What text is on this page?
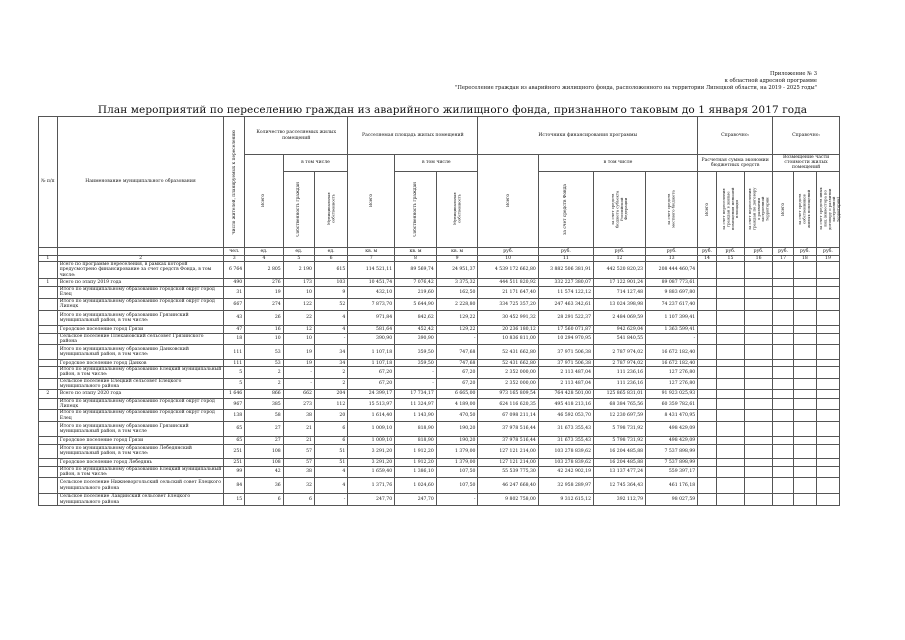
Приложение № 3
к областной адресной программе
"Переселение граждан из аварийного жилищного фонда, расположенного на территории Липецкой области, на 2019 - 2025 годы"
План мероприятий по переселению граждан из аварийного жилищного фонда, признанного таковым до 1 января 2017 года
№ п/п	Наименование муниципального образования	Число жителей, планируемых к переселению	Количество расселяемых жилых помещений			Расселяемая площадь жилых помещений			Источники финансирования программы				Справочно:			Справочно:		

			Всего	в том числе		Всего	в том числе		Всего	в том числе			Расчетная сумма экономии бюджетных средств			Возмещение части стоимости жилых помещений		

				Собственность граждан	Муниципальная собственность		Собственность граждан	Муниципальная собственность		за счет средств Фонда	за счет средств бюджета субъекта Российской Федерации	за счет средств местного бюджета	Всего	за счет переселения граждан в жилые помещения меньшей площади	за счет переселения граждан по договору о развитии застроенной территории	Всего	за счет средств собственников жилых помещений	за счет средств иных лиц (инвестора по договору о развитии застроенной территории)

		чел.	ед.	ед.	ед.	кв. м	кв. м	кв. м	руб.	руб.	руб.	руб.	руб.	руб.	руб.	руб.	руб.	руб.
1	2	3	4	5	6	7	8	9	10	11	12	13	14	15	16	17	18	19
	Всего по программе переселения, в рамках которой предусмотрено финансирование за счет средств Фонда, в том числе:	6 764	2 805	2 190	615	114 521,11	89 569,74	24 951,37	4 539 172 662,80	3 882 506 381,91	442 520 820,23	208 444 460,74						
1	Всего по этапу 2019 года	490	276	173	103	10 451,74	7 076,42	3 375,32	444 511 820,92	332 227 380,07	17 122 901,24	89 087 773,61						
	Итого по муниципальному образованию городской округ город Елец	31	19	10	9	432,10	219,60	162,50	21 171 647,40	11 574 122,12	714 127,48	9 883 697,80						
	Итого по муниципальному образованию городской округ город Липецк	667	274	122	52	7 873,70	5 644,90	2 228,80	334 725 357,20	247 463 342,61	13 024 398,98	74 237 617,40						
	Итого по муниципальному образованию Грязинский муниципальный район, в том числе:	43	26	22	4	971,84	842,62	129,22	30 452 991,32	28 291 522,37	2 484 069,59	1 107 399,41						
	Городское поселение город Грязи	47	16	12	4	581,64	452,42	129,22	20 236 180,12	17 560 071,87	942 629,04	1 363 599,41						
	Сельское поселение Плехановский сельсовет Грязинского района	18	10	10	-	390,90	390,90	-	10 836 811,00	10 294 970,95	541 840,55	-						
	Итого по муниципальному образованию Данковский муниципальный район, в том числе:	111	53	19	34	1 107,18	359,50	747,68	52 431 662,80	37 971 506,38	2 787 974,02	16 672 182,40						
	Городское поселение город Данков	111	53	19	34	1 107,18	359,50	747,68	52 431 662,80	37 971 506,38	2 787 974,02	16 672 182,40						
	Итого по муниципальному образованию Елецкий муниципальный район, в том числе:	5	2	-	2	67,20	-	67,20	2 352 000,00	2 113 487,04	111 236,16	127 276,80						
	Сельское поселение Елецкий сельсовет Елецкого муниципального района	5	2	-	2	67,20	-	67,20	2 352 000,00	2 113 487,04	111 236,16	127 276,80						
2	Всего по этапу 2020 года	1 646	866	662	204	24 399,17	17 734,17	6 665,00	973 165 809,54	764 428 501,00	125 865 831,01	91 923 025,93						
	Итого по муниципальному образованию городской округ город Липецк	967	385	273	112	15 513,97	11 324,97	4 189,00	624 116 620,35	495 418 213,16	68 384 765,56	60 359 782,61						
	Итого по муниципальному образованию городской округ город Елец	138	58	38	20	1 614,40	1 143,90	470,50	67 098 211,14	46 592 053,70	12 230 697,59	8 431 470,95						
	Итого по муниципальному образованию Грязинский муниципальный район, в том числе	65	27	21	6	1 009,10	818,90	190,20	37 978 516,44	31 673 355,43	5 798 731,92	498 429,09						
	Городское поселение город Грязи	65	27	21	6	1 009,10	818,90	190,20	37 978 516,44	31 673 355,43	5 798 731,92	498 429,09						
	Итого по муниципальному образованию Лебедянский муниципальный район, в том числе:	251	108	57	51	3 291,20	1 912,20	1 379,00	127 121 214,00	103 278 839,62	16 204 485,88	7 537 898,99						
	Городское поселение город Лебедянь	251	108	57	51	3 291,20	1 912,20	1 379,00	127 121 214,00	103 278 839,62	16 204 485,88	7 537 898,99						
	Итого по муниципальному образованию Елецкий муниципальный район, в том числе:	99	42	38	4	1 659,40	1 386,10	107,50	55 539 775,30	42 242 902,19	13 137 477,24	559 397,17						
	Сельское поселение Нижневоргольский сельский совет Елецкого муниципального района	84	36	32	4	1 371,76	1 024,60	107,50	46 247 668,40	32 958 289,97	12 745 364,43	461 176,18						
	Сельское поселение Лавдинский сельсовет Елецкого муниципального района	15	6	6	-	247,70	247,70	-	9 802 758,00	9 312 615,12	392 112,79	98 027,59						
